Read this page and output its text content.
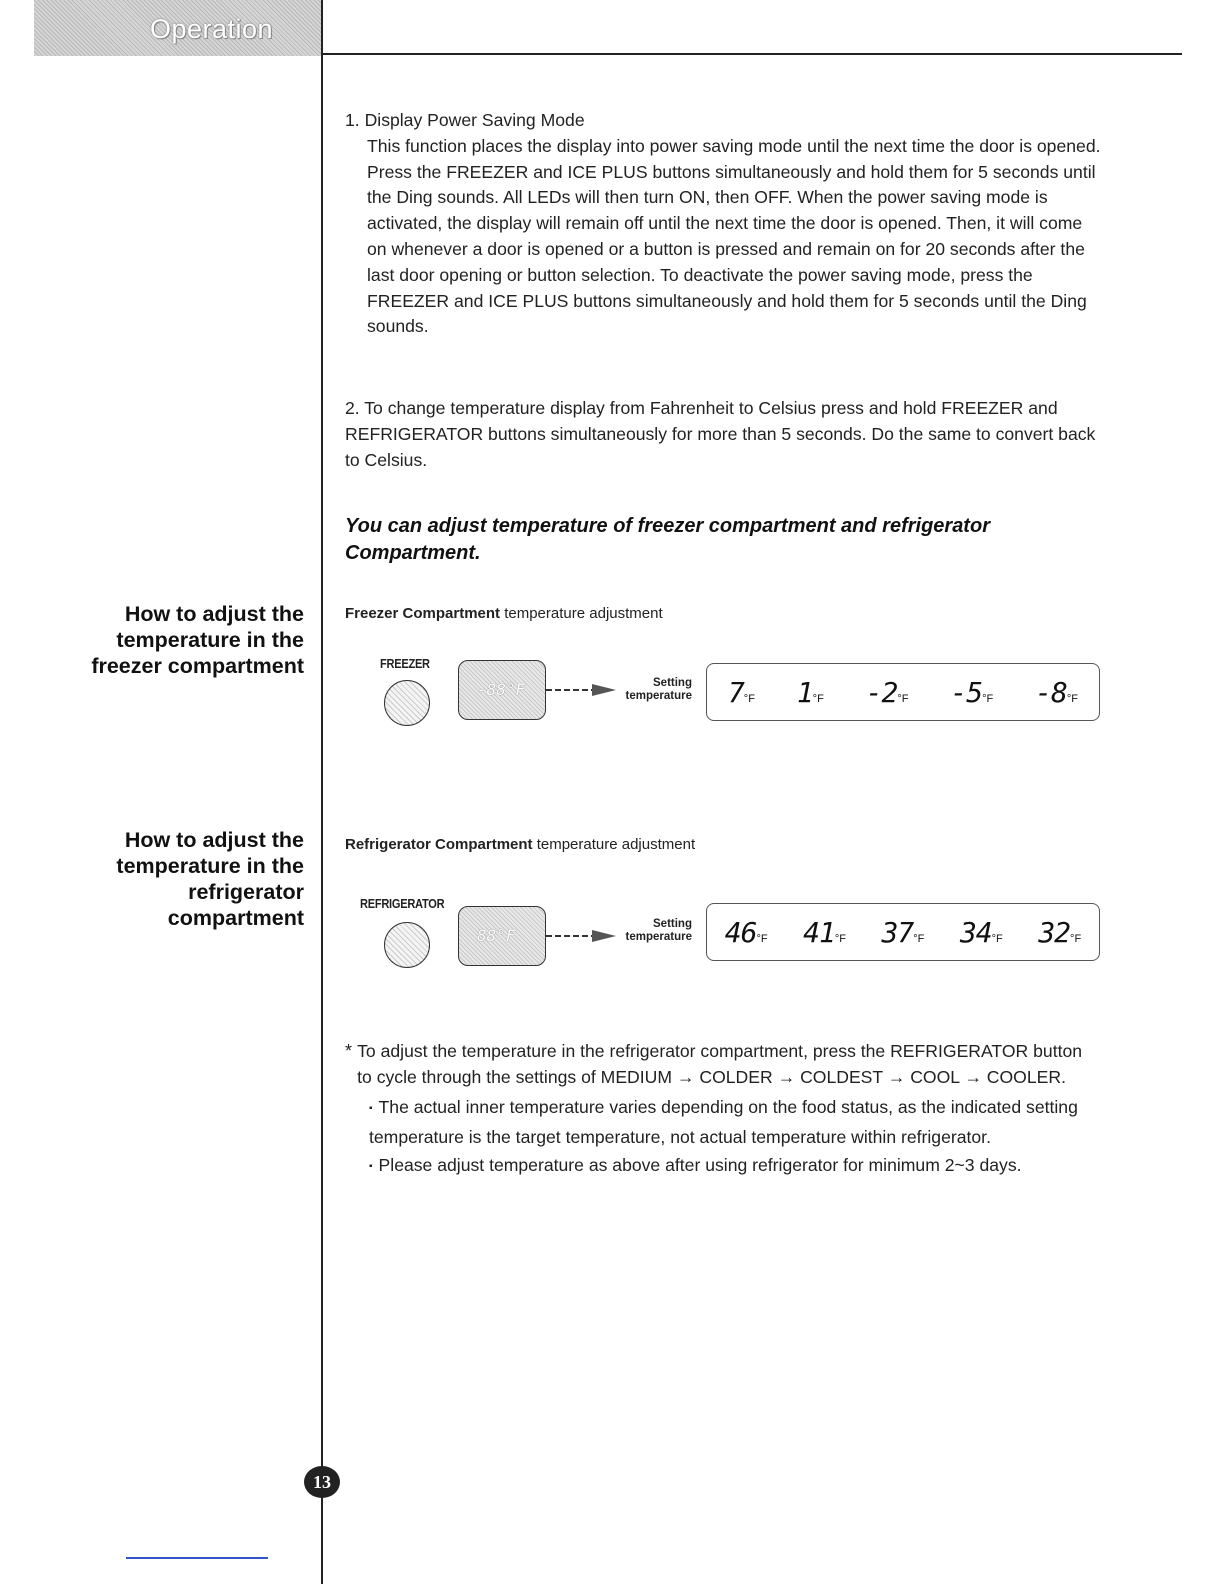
Operation
1. Display Power Saving Mode
This function places the display into power saving mode until the next time the door is opened.
Press the FREEZER and ICE PLUS buttons simultaneously and hold them for 5 seconds until the Ding sounds. All LEDs will then turn ON, then OFF. When the power saving mode is activated, the display will remain off until the next time the door is opened. Then, it will come on whenever a door is opened or a button is pressed and remain on for 20 seconds after the last door opening or button selection. To deactivate the power saving mode, press the FREEZER and ICE PLUS buttons simultaneously and hold them for 5 seconds until the Ding sounds.
2. To change temperature display from Fahrenheit to Celsius press and hold FREEZER and REFRIGERATOR buttons simultaneously for more than 5 seconds. Do the same to convert back to Celsius.
You can adjust temperature of freezer compartment and refrigerator Compartment.
How to adjust the temperature in the freezer compartment
Freezer Compartment temperature adjustment
FREEZER
-88°F	Setting temperature 7°F 1°F -2°F -5°F -8°F
How to adjust the temperature in the refrigerator compartment
Refrigerator Compartment temperature adjustment
REFRIGERATOR
88°F
Setting temperature 46°F 41°F 37°F 34°F 32°F
* To adjust the temperature in the refrigerator compartment, press the REFRIGERATOR button to cycle through the settings of MEDIUM → COLDER → COLDEST → COOL → COOLER.
▪ The actual inner temperature varies depending on the food status, as the indicated setting temperature is the target temperature, not actual temperature within refrigerator.
▪ Please adjust temperature as above after using refrigerator for minimum 2~3 days.
13
